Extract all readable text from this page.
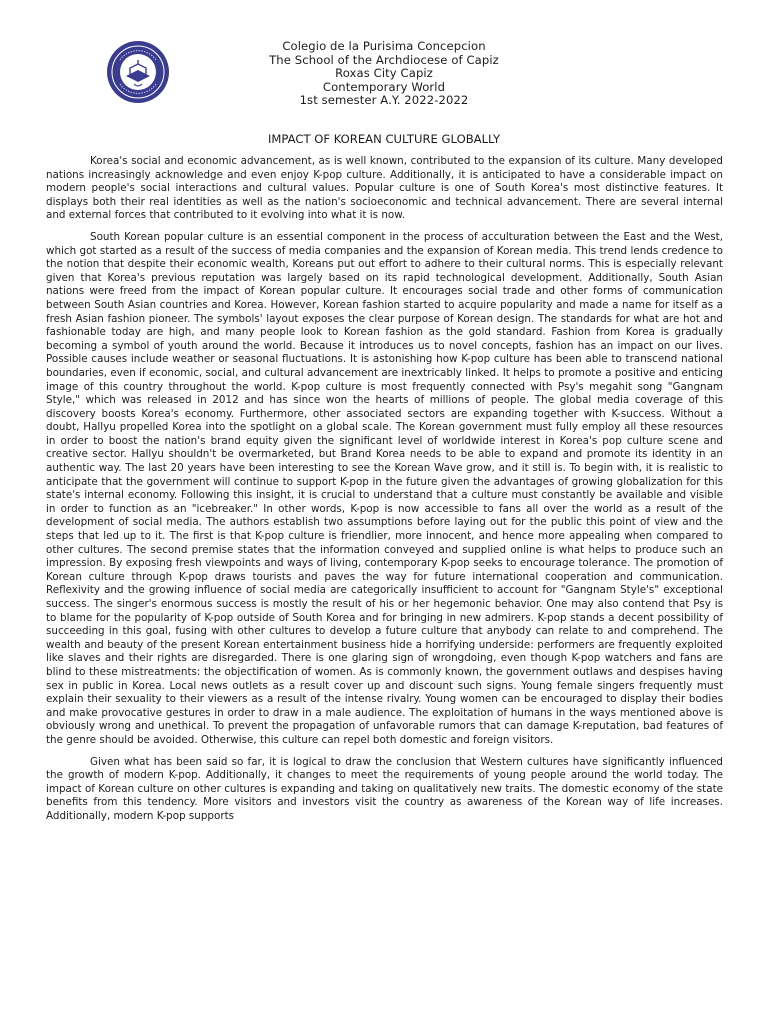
Colegio de la Purisima Concepcion
The School of the Archdiocese of Capiz
Roxas City Capiz
Contemporary World
1st semester A.Y. 2022-2022
IMPACT OF KOREAN CULTURE GLOBALLY

Korea's social and economic advancement, as is well known, contributed to the expansion of its culture. Many developed nations increasingly acknowledge and even enjoy K-pop culture. Additionally, it is anticipated to have a considerable impact on modern people's social interactions and cultural values. Popular culture is one of South Korea's most distinctive features. It displays both their real identities as well as the nation's socioeconomic and technical advancement. There are several internal and external forces that contributed to it evolving into what it is now.

South Korean popular culture is an essential component in the process of acculturation between the East and the West, which got started as a result of the success of media companies and the expansion of Korean media. This trend lends credence to the notion that despite their economic wealth, Koreans put out effort to adhere to their cultural norms. This is especially relevant given that Korea's previous reputation was largely based on its rapid technological development. Additionally, South Asian nations were freed from the impact of Korean popular culture. It encourages social trade and other forms of communication between South Asian countries and Korea. However, Korean fashion started to acquire popularity and made a name for itself as a fresh Asian fashion pioneer. The symbols' layout exposes the clear purpose of Korean design. The standards for what are hot and fashionable today are high, and many people look to Korean fashion as the gold standard. Fashion from Korea is gradually becoming a symbol of youth around the world. Because it introduces us to novel concepts, fashion has an impact on our lives. Possible causes include weather or seasonal fluctuations. It is astonishing how K-pop culture has been able to transcend national boundaries, even if economic, social, and cultural advancement are inextricably linked. It helps to promote a positive and enticing image of this country throughout the world. K-pop culture is most frequently connected with Psy's megahit song "Gangnam Style," which was released in 2012 and has since won the hearts of millions of people. The global media coverage of this discovery boosts Korea's economy. Furthermore, other associated sectors are expanding together with K-success. Without a doubt, Hallyu propelled Korea into the spotlight on a global scale. The Korean government must fully employ all these resources in order to boost the nation's brand equity given the significant level of worldwide interest in Korea's pop culture scene and creative sector. Hallyu shouldn't be overmarketed, but Brand Korea needs to be able to expand and promote its identity in an authentic way. The last 20 years have been interesting to see the Korean Wave grow, and it still is. To begin with, it is realistic to anticipate that the government will continue to support K-pop in the future given the advantages of growing globalization for this state's internal economy. Following this insight, it is crucial to understand that a culture must constantly be available and visible in order to function as an "icebreaker." In other words, K-pop is now accessible to fans all over the world as a result of the development of social media. The authors establish two assumptions before laying out for the public this point of view and the steps that led up to it. The first is that K-pop culture is friendlier, more innocent, and hence more appealing when compared to other cultures. The second premise states that the information conveyed and supplied online is what helps to produce such an impression. By exposing fresh viewpoints and ways of living, contemporary K-pop seeks to encourage tolerance. The promotion of Korean culture through K-pop draws tourists and paves the way for future international cooperation and communication. Reflexivity and the growing influence of social media are categorically insufficient to account for "Gangnam Style's" exceptional success. The singer's enormous success is mostly the result of his or her hegemonic behavior. One may also contend that Psy is to blame for the popularity of K-pop outside of South Korea and for bringing in new admirers. K-pop stands a decent possibility of succeeding in this goal, fusing with other cultures to develop a future culture that anybody can relate to and comprehend. The wealth and beauty of the present Korean entertainment business hide a horrifying underside: performers are frequently exploited like slaves and their rights are disregarded. There is one glaring sign of wrongdoing, even though K-pop watchers and fans are blind to these mistreatments: the objectification of women. As is commonly known, the government outlaws and despises having sex in public in Korea. Local news outlets as a result cover up and discount such signs. Young female singers frequently must explain their sexuality to their viewers as a result of the intense rivalry. Young women can be encouraged to display their bodies and make provocative gestures in order to draw in a male audience. The exploitation of humans in the ways mentioned above is obviously wrong and unethical. To prevent the propagation of unfavorable rumors that can damage K-reputation, bad features of the genre should be avoided. Otherwise, this culture can repel both domestic and foreign visitors.

Given what has been said so far, it is logical to draw the conclusion that Western cultures have significantly influenced the growth of modern K-pop. Additionally, it changes to meet the requirements of young people around the world today. The impact of Korean culture on other cultures is expanding and taking on qualitatively new traits. The domestic economy of the state benefits from this tendency. More visitors and investors visit the country as awareness of the Korean way of life increases. Additionally, modern K-pop supports
